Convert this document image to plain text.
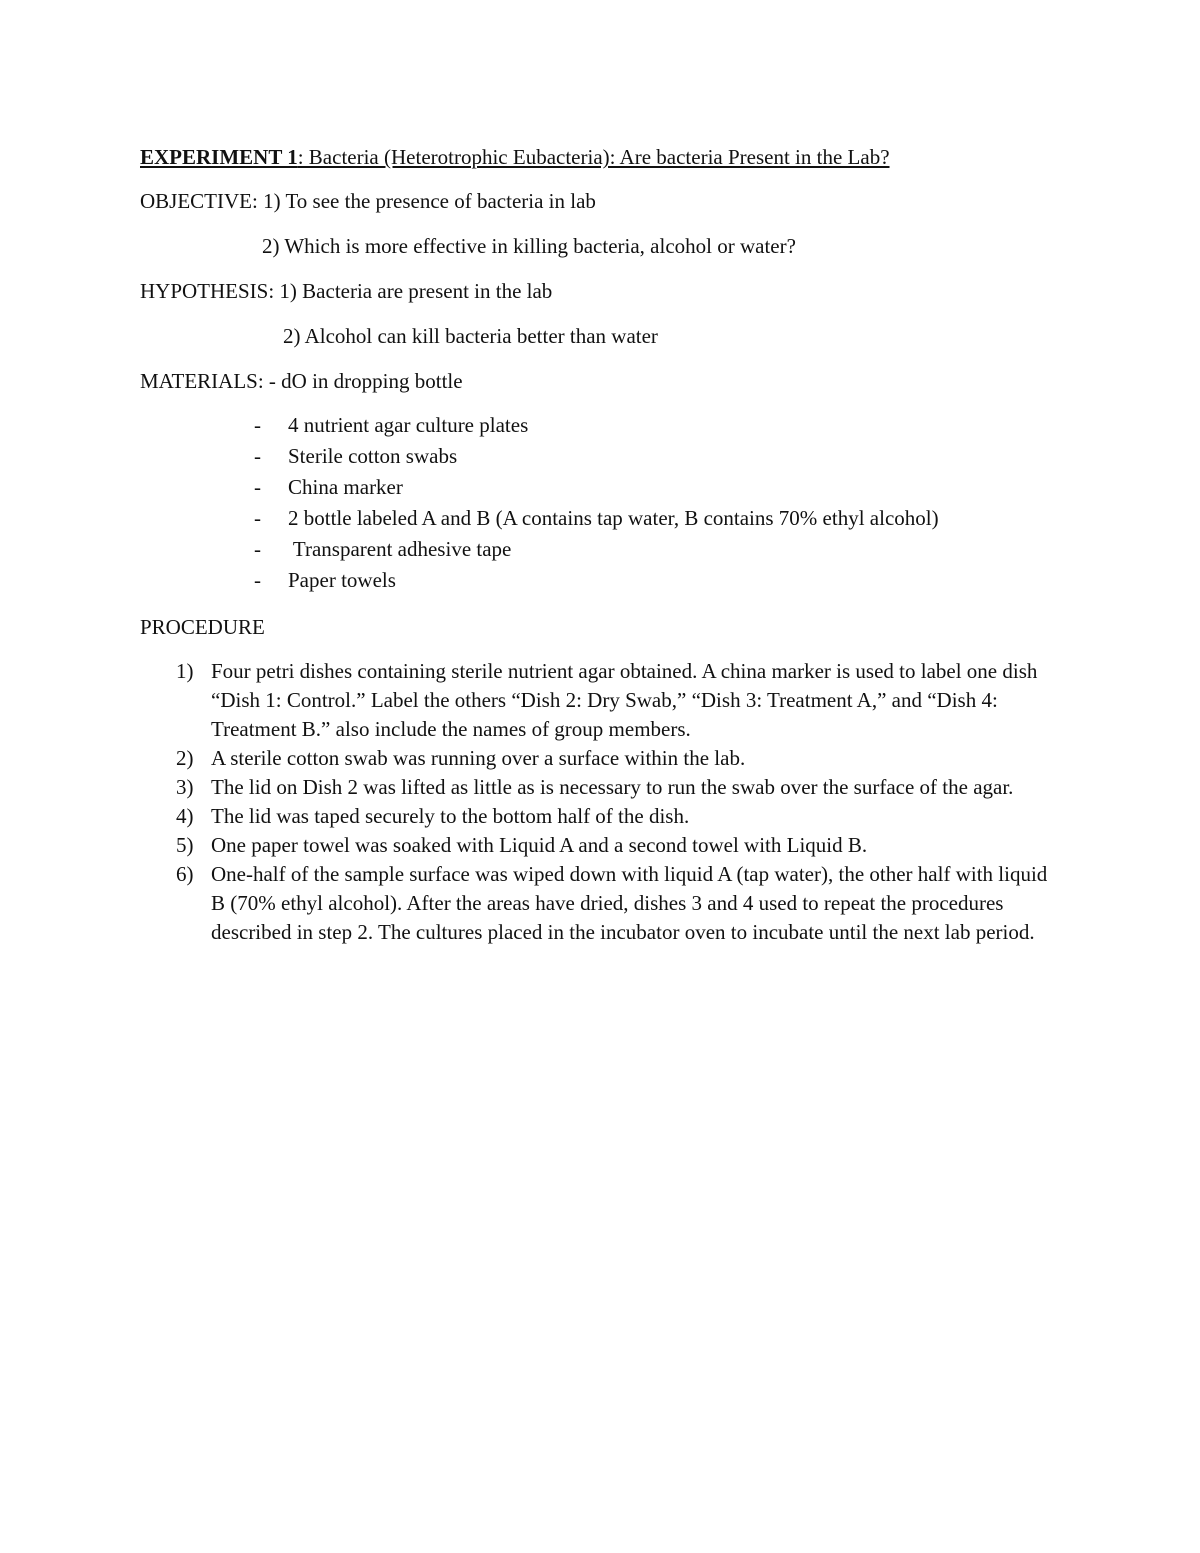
EXPERIMENT 1: Bacteria (Heterotrophic Eubacteria): Are bacteria Present in the Lab?
OBJECTIVE: 1) To see the presence of bacteria in lab
2) Which is more effective in killing bacteria, alcohol or water?
HYPOTHESIS: 1) Bacteria are present in the lab
2) Alcohol can kill bacteria better than water
MATERIALS: - dO in dropping bottle
- 4 nutrient agar culture plates
- Sterile cotton swabs
- China marker
- 2 bottle labeled A and B (A contains tap water, B contains 70% ethyl alcohol)
- Transparent adhesive tape
- Paper towels
PROCEDURE
1) Four petri dishes containing sterile nutrient agar obtained. A china marker is used to label one dish “Dish 1: Control.” Label the others “Dish 2: Dry Swab,” “Dish 3: Treatment A,” and “Dish 4: Treatment B.” also include the names of group members.
2) A sterile cotton swab was running over a surface within the lab.
3) The lid on Dish 2 was lifted as little as is necessary to run the swab over the surface of the agar.
4) The lid was taped securely to the bottom half of the dish.
5) One paper towel was soaked with Liquid A and a second towel with Liquid B.
6) One-half of the sample surface was wiped down with liquid A (tap water), the other half with liquid B (70% ethyl alcohol). After the areas have dried, dishes 3 and 4 used to repeat the procedures described in step 2. The cultures placed in the incubator oven to incubate until the next lab period.
